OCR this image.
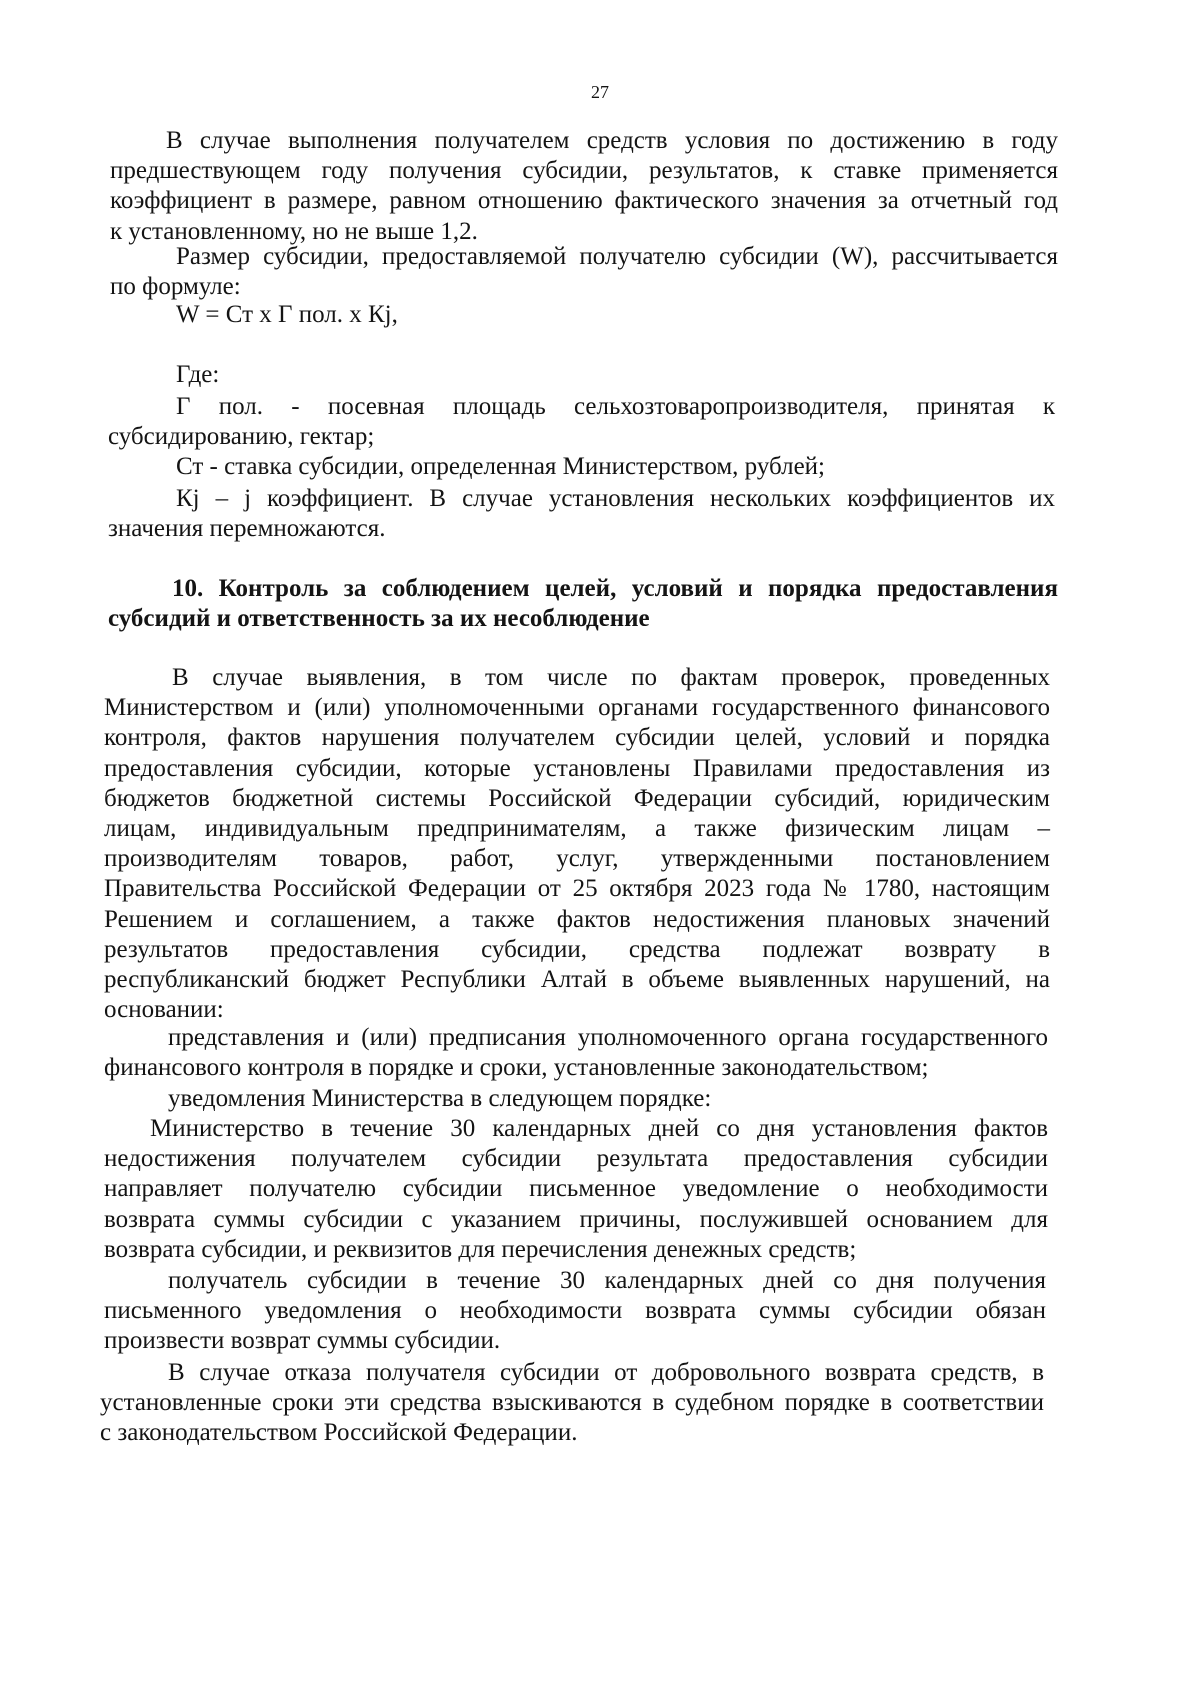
27
В случае выполнения получателем средств условия по достижению в году
предшествующем году получения субсидии, результатов, к ставке применяется
коэффициент в размере, равном отношению фактического значения за отчетный год
к установленному, но не выше 1,2.
Размер субсидии, предоставляемой получателю субсидии (W), рассчитывается
по формуле:
W = Ст х Г пол. х Кj,
Где:
Г пол. - посевная площадь сельхозтоваропроизводителя, принятая к
субсидированию, гектар;
Ст - ставка субсидии, определенная Министерством, рублей;
Кj – j коэффициент. В случае установления нескольких коэффициентов их
значения перемножаются.
10. Контроль за соблюдением целей, условий и порядка предоставления
субсидий и ответственность за их несоблюдение
В случае выявления, в том числе по фактам проверок, проведенных
Министерством и (или) уполномоченными органами государственного финансового
контроля, фактов нарушения получателем субсидии целей, условий и порядка
предоставления субсидии, которые установлены Правилами предоставления из
бюджетов бюджетной системы Российской Федерации субсидий, юридическим
лицам, индивидуальным предпринимателям, а также физическим лицам –
производителям товаров, работ, услуг, утвержденными постановлением
Правительства Российской Федерации от 25 октября 2023 года № 1780, настоящим
Решением и соглашением, а также фактов недостижения плановых значений
результатов предоставления субсидии, средства подлежат возврату в
республиканский бюджет Республики Алтай в объеме выявленных нарушений, на
основании:
представления и (или) предписания уполномоченного органа государственного
финансового контроля в порядке и сроки, установленные законодательством;
уведомления Министерства в следующем порядке:
Министерство в течение 30 календарных дней со дня установления фактов
недостижения получателем субсидии результата предоставления субсидии
направляет получателю субсидии письменное уведомление о необходимости
возврата суммы субсидии с указанием причины, послужившей основанием для
возврата субсидии, и реквизитов для перечисления денежных средств;
получатель субсидии в течение 30 календарных дней со дня получения
письменного уведомления о необходимости возврата суммы субсидии обязан
произвести возврат суммы субсидии.
В случае отказа получателя субсидии от добровольного возврата средств, в
установленные сроки эти средства взыскиваются в судебном порядке в соответствии
с законодательством Российской Федерации.
